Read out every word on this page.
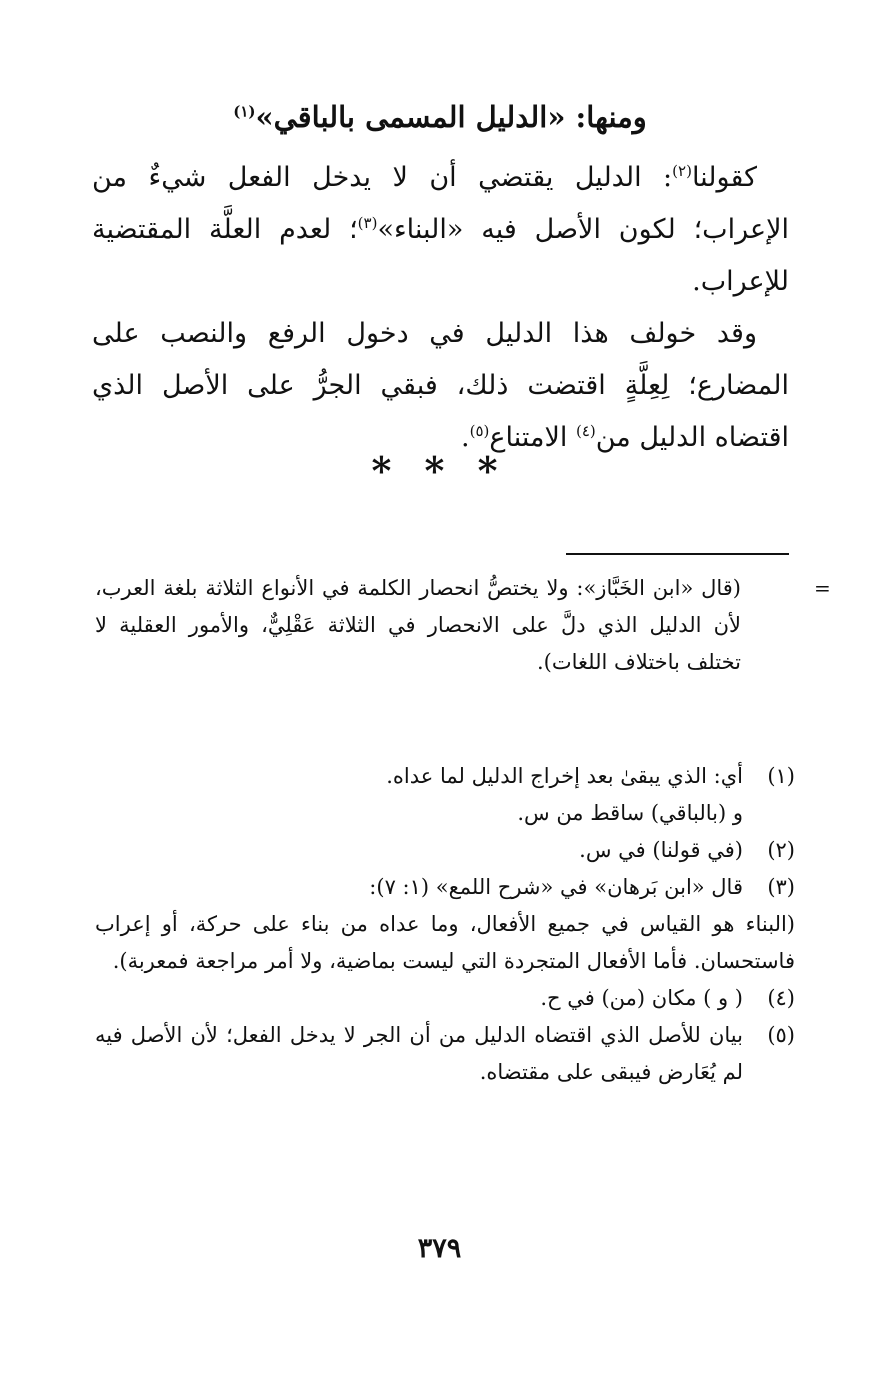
ومنها: «الدليل المسمى بالباقي»$^{(١)}$

كقولنا$^{(٢)}$: الدليل يقتضي أن لا يدخل الفعل شيءٌ من الإعراب؛ لكون الأصل فيه «البناء»$^{(٣)}$؛ لعدم العلَّة المقتضية للإعراب.

وقد خولف هذا الدليل في دخول الرفع والنصب على المضارع؛ لِعِلَّةٍ اقتضت ذلك، فبقي الجرُّ على الأصل الذي اقتضاه الدليل من$^{(٤)}$ الامتناع$^{(٥)}$.

* * *
=

(قال «ابن الخَبَّاز»: ولا يختصُّ انحصار الكلمة في الأنواع الثلاثة بلغة العرب، لأن الدليل الذي دلَّ على الانحصار في الثلاثة عَقْلِيٌّ، والأمور العقلية لا تختلف باختلاف اللغات).

(١)
أي: الذي يبقىٰ بعد إخراج الدليل لما عداه.
و (بالباقي) ساقط من س.
(٢)
(في قولنا) في س.
(٣)
قال «ابن بَرهان» في «شرح اللمع» (١: ٧):
(البناء هو القياس في جميع الأفعال، وما عداه من بناء على حركة، أو إعراب فاستحسان. فأما الأفعال المتجردة التي ليست بماضية، ولا أمر مراجعة فمعربة).
(٤)
( و ) مكان (من) في ح.
(٥)
بيان للأصل الذي اقتضاه الدليل من أن الجر لا يدخل الفعل؛ لأن الأصل فيه لم يُعَارض فيبقى على مقتضاه.
٣٧٩
